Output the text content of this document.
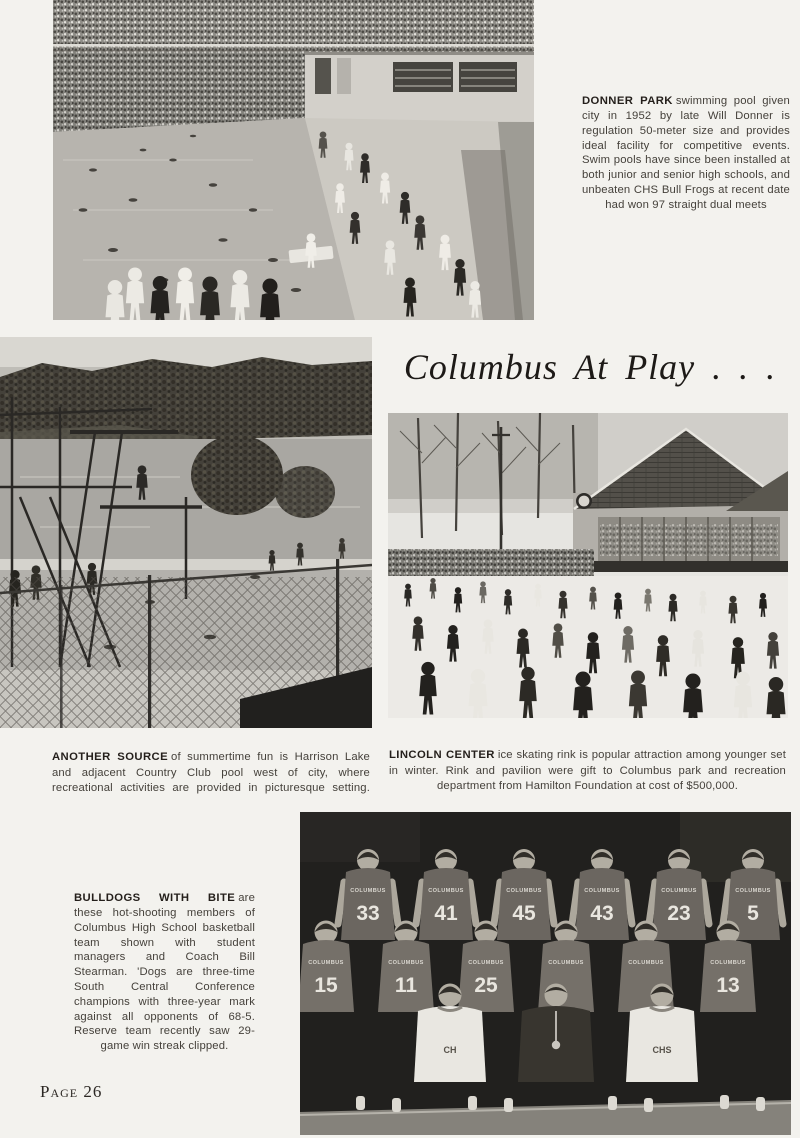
DONNER PARK swimming pool given city in 1952 by late Will Donner is regulation 50-meter size and provides ideal facility for competitive events. Swim pools have since been installed at both junior and senior high schools, and unbeaten CHS Bull Frogs at recent date had won 97 straight dual meets

Columbus At Play . . .

ANOTHER SOURCE of summertime fun is Harrison Lake and adjacent Country Club pool west of city, where recreational activities are provided in picturesque setting.

LINCOLN CENTER ice skating rink is popular attraction among younger set in winter. Rink and pavilion were gift to Columbus park and recreation department from Hamilton Foundation at cost of $500,000.

BULLDOGS WITH BITE are these hot-shooting members of Columbus High School basketball team shown with student managers and Coach Bill Stearman. 'Dogs are three-time South Central Conference champions with three-year mark against all opponents of 68-5. Reserve team recently saw 29-game win streak clipped.

COLUMBUS
33
COLUMBUS
41
COLUMBUS
45
COLUMBUS
43
COLUMBUS
23
COLUMBUS
5
COLUMBUS
15
COLUMBUS
11
COLUMBUS
25
COLUMBUS	COLUMBUS	COLUMBUS
13
CH	CHS
Page 26
